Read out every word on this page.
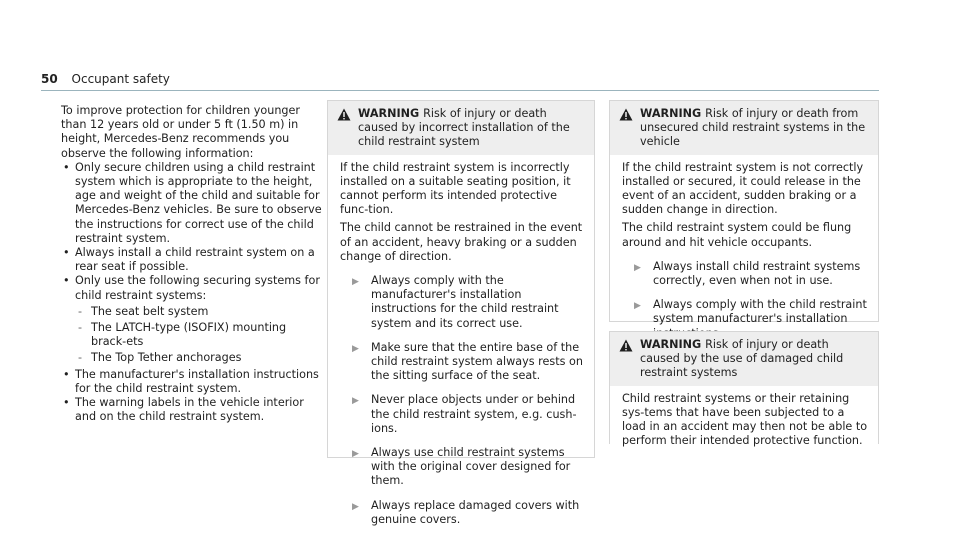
50 Occupant safety

To improve protection for children younger than 12 years old or under 5 ft (1.50 m) in height, Mercedes-Benz recommends you observe the following information:

• Only secure children using a child restraint system which is appropriate to the height, age and weight of the child and suitable for Mercedes-Benz vehicles. Be sure to observe the instructions for correct use of the child restraint system.
• Always install a child restraint system on a rear seat if possible.
• Only use the following securing systems for child restraint systems:
- The seat belt system
- The LATCH-type (ISOFIX) mounting brack-ets
- The Top Tether anchorages
• The manufacturer's installation instructions for the child restraint system.
• The warning labels in the vehicle interior and on the child restraint system.
WARNING Risk of injury or death caused by incorrect installation of the child restraint system

If the child restraint system is incorrectly installed on a suitable seating position, it cannot perform its intended protective func-tion.

The child cannot be restrained in the event of an accident, heavy braking or a sudden change of direction.

▶ Always comply with the manufacturer's installation instructions for the child restraint system and its correct use.
▶ Make sure that the entire base of the child restraint system always rests on the sitting surface of the seat.
▶ Never place objects under or behind the child restraint system, e.g. cush-ions.
▶ Always use child restraint systems with the original cover designed for them.
▶ Always replace damaged covers with genuine covers.
WARNING Risk of injury or death from unsecured child restraint systems in the vehicle

If the child restraint system is not correctly installed or secured, it could release in the event of an accident, sudden braking or a sudden change in direction.

The child restraint system could be flung around and hit vehicle occupants.

▶ Always install child restraint systems correctly, even when not in use.
▶ Always comply with the child restraint system manufacturer's installation
WARNING Risk of injury or death caused by the use of damaged child restraint systems

Child restraint systems or their retaining sys-tems that have been subjected to a load in an accident may then not be able to perform their intended protective function.
